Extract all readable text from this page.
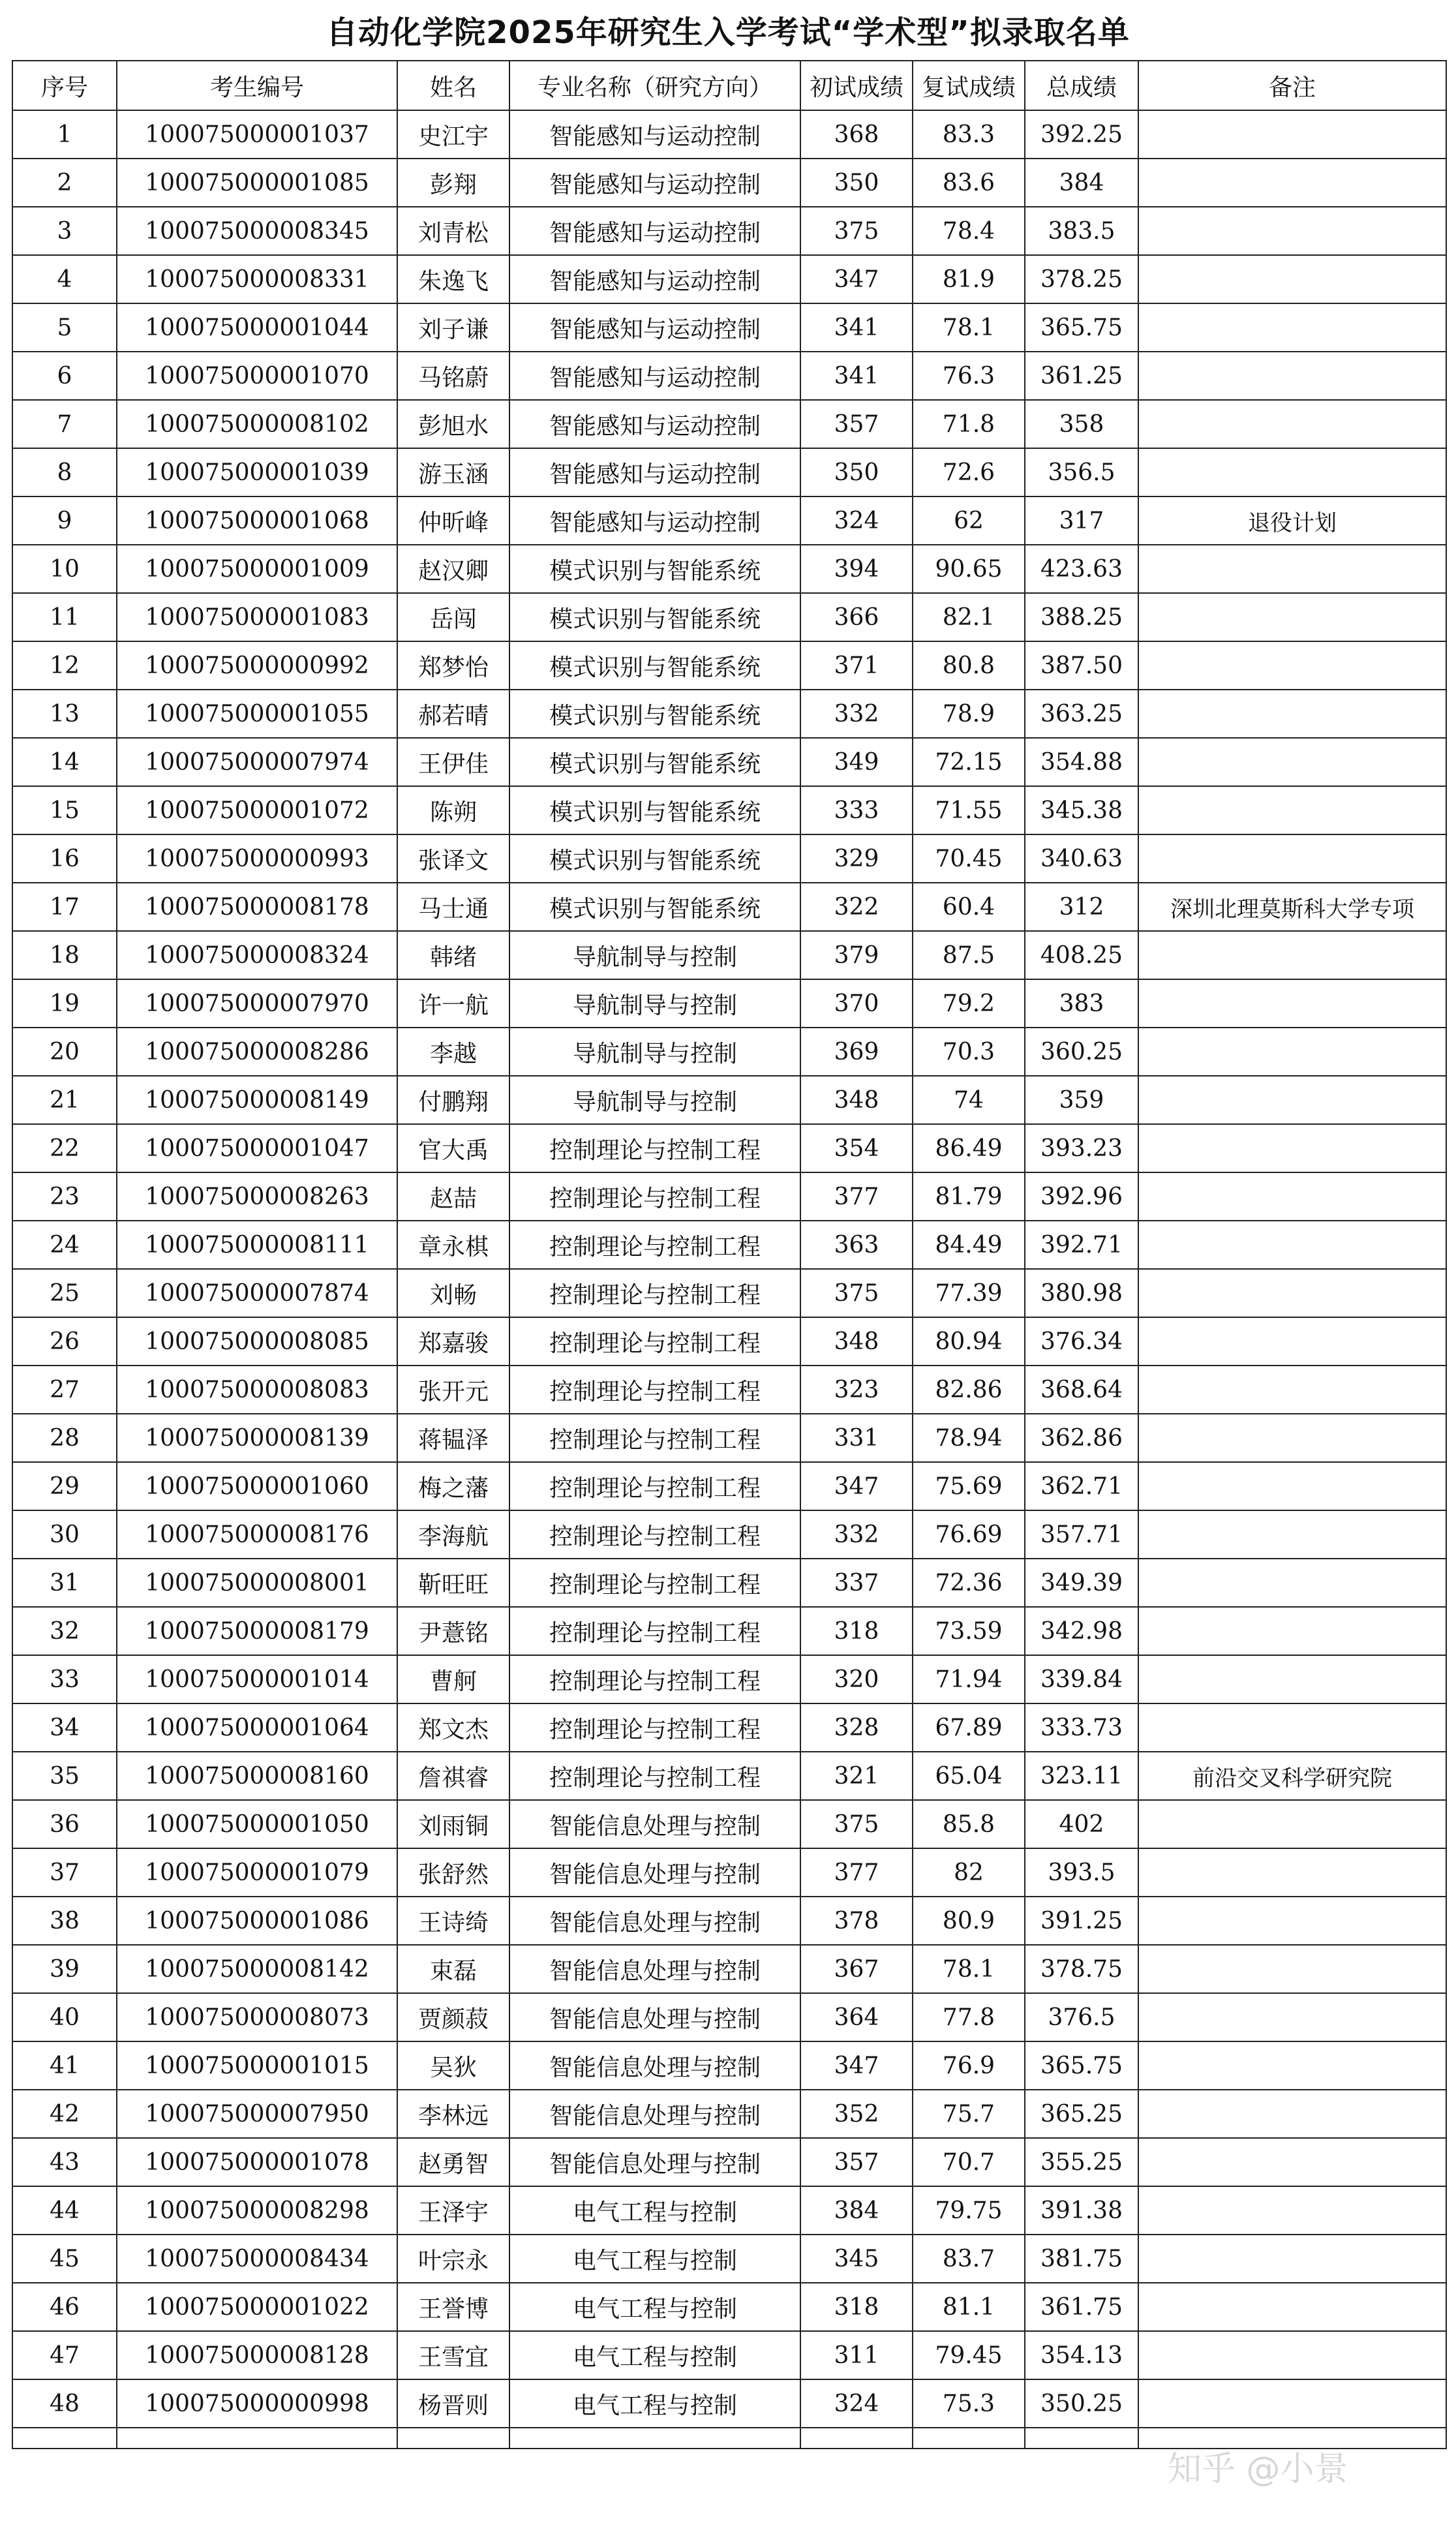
自动化学院2025年研究生入学考试“学术型”拟录取名单
序号	考生编号	姓名	专业名称（研究方向）	初试成绩	复试成绩	总成绩	备注
1	100075000001037	史江宇	智能感知与运动控制	368	83.3	392.25	
2	100075000001085	彭翔	智能感知与运动控制	350	83.6	384	
3	100075000008345	刘青松	智能感知与运动控制	375	78.4	383.5	
4	100075000008331	朱逸飞	智能感知与运动控制	347	81.9	378.25	
5	100075000001044	刘子谦	智能感知与运动控制	341	78.1	365.75	
6	100075000001070	马铭蔚	智能感知与运动控制	341	76.3	361.25	
7	100075000008102	彭旭水	智能感知与运动控制	357	71.8	358	
8	100075000001039	游玉涵	智能感知与运动控制	350	72.6	356.5	
9	100075000001068	仲昕峰	智能感知与运动控制	324	62	317	退役计划
10	100075000001009	赵汉卿	模式识别与智能系统	394	90.65	423.63	
11	100075000001083	岳闯	模式识别与智能系统	366	82.1	388.25	
12	100075000000992	郑梦怡	模式识别与智能系统	371	80.8	387.50	
13	100075000001055	郝若晴	模式识别与智能系统	332	78.9	363.25	
14	100075000007974	王伊佳	模式识别与智能系统	349	72.15	354.88	
15	100075000001072	陈朔	模式识别与智能系统	333	71.55	345.38	
16	100075000000993	张译文	模式识别与智能系统	329	70.45	340.63	
17	100075000008178	马士通	模式识别与智能系统	322	60.4	312	深圳北理莫斯科大学专项
18	100075000008324	韩绪	导航制导与控制	379	87.5	408.25	
19	100075000007970	许一航	导航制导与控制	370	79.2	383	
20	100075000008286	李越	导航制导与控制	369	70.3	360.25	
21	100075000008149	付鹏翔	导航制导与控制	348	74	359	
22	100075000001047	官大禹	控制理论与控制工程	354	86.49	393.23	
23	100075000008263	赵喆	控制理论与控制工程	377	81.79	392.96	
24	100075000008111	章永棋	控制理论与控制工程	363	84.49	392.71	
25	100075000007874	刘畅	控制理论与控制工程	375	77.39	380.98	
26	100075000008085	郑嘉骏	控制理论与控制工程	348	80.94	376.34	
27	100075000008083	张开元	控制理论与控制工程	323	82.86	368.64	
28	100075000008139	蒋韫泽	控制理论与控制工程	331	78.94	362.86	
29	100075000001060	梅之藩	控制理论与控制工程	347	75.69	362.71	
30	100075000008176	李海航	控制理论与控制工程	332	76.69	357.71	
31	100075000008001	靳旺旺	控制理论与控制工程	337	72.36	349.39	
32	100075000008179	尹薏铭	控制理论与控制工程	318	73.59	342.98	
33	100075000001014	曹舸	控制理论与控制工程	320	71.94	339.84	
34	100075000001064	郑文杰	控制理论与控制工程	328	67.89	333.73	
35	100075000008160	詹祺睿	控制理论与控制工程	321	65.04	323.11	前沿交叉科学研究院
36	100075000001050	刘雨铜	智能信息处理与控制	375	85.8	402	
37	100075000001079	张舒然	智能信息处理与控制	377	82	393.5	
38	100075000001086	王诗绮	智能信息处理与控制	378	80.9	391.25	
39	100075000008142	束磊	智能信息处理与控制	367	78.1	378.75	
40	100075000008073	贾颜菽	智能信息处理与控制	364	77.8	376.5	
41	100075000001015	吴狄	智能信息处理与控制	347	76.9	365.75	
42	100075000007950	李林远	智能信息处理与控制	352	75.7	365.25	
43	100075000001078	赵勇智	智能信息处理与控制	357	70.7	355.25	
44	100075000008298	王泽宇	电气工程与控制	384	79.75	391.38	
45	100075000008434	叶宗永	电气工程与控制	345	83.7	381.75	
46	100075000001022	王誉博	电气工程与控制	318	81.1	361.75	
47	100075000008128	王雪宜	电气工程与控制	311	79.45	354.13	
48	100075000000998	杨晋则	电气工程与控制	324	75.3	350.25	

知乎 @小景
